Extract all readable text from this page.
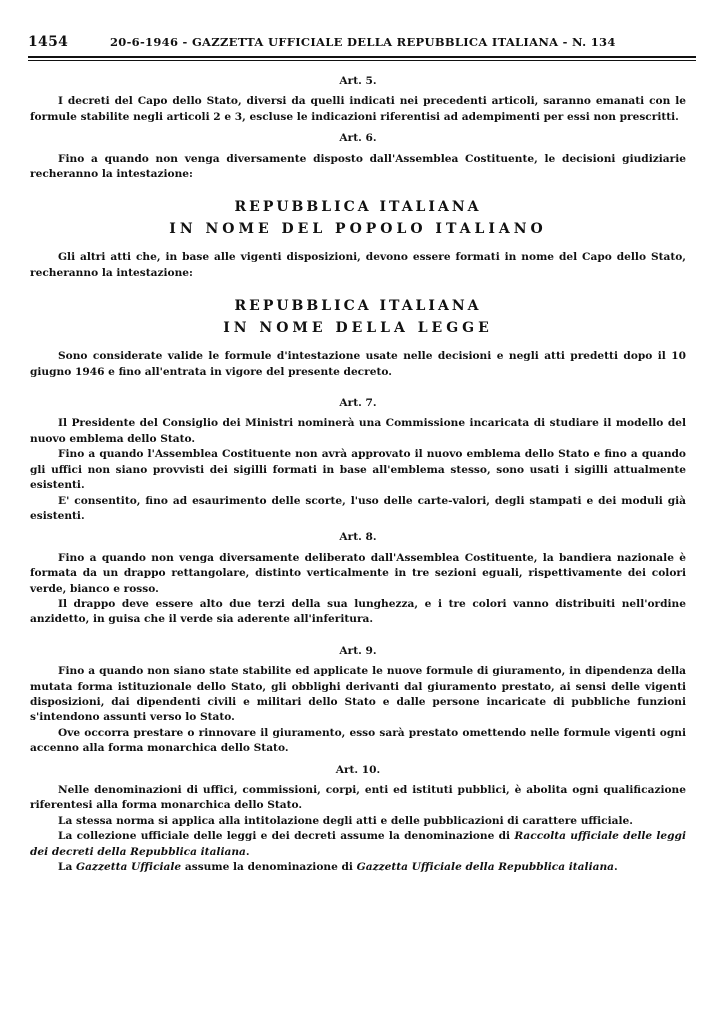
1454	20-6-1946 - GAZZETTA UFFICIALE DELLA REPUBBLICA ITALIANA - N. 134
Art. 5.

I decreti del Capo dello Stato, diversi da quelli indicati nei precedenti articoli, saranno emanati con le formule stabilite negli articoli 2 e 3, escluse le indicazioni riferentisi ad adempimenti per essi non prescritti.

Art. 6.

Fino a quando non venga diversamente disposto dall'Assemblea Costituente, le decisioni giudiziarie recheranno la intestazione:

REPUBBLICA ITALIANA
IN NOME DEL POPOLO ITALIANO

Gli altri atti che, in base alle vigenti disposizioni, devono essere formati in nome del Capo dello Stato, recheranno la intestazione:

REPUBBLICA ITALIANA
IN NOME DELLA LEGGE

Sono considerate valide le formule d'intestazione usate nelle decisioni e negli atti predetti dopo il 10 giugno 1946 e fino all'entrata in vigore del presente decreto.

Art. 7.

Il Presidente del Consiglio dei Ministri nominerà una Commissione incaricata di studiare il modello del nuovo emblema dello Stato.

Fino a quando l'Assemblea Costituente non avrà approvato il nuovo emblema dello Stato e fino a quando gli uffici non siano provvisti dei sigilli formati in base all'emblema stesso, sono usati i sigilli attualmente esistenti.

E' consentito, fino ad esaurimento delle scorte, l'uso delle carte-valori, degli stampati e dei moduli già esistenti.

Art. 8.

Fino a quando non venga diversamente deliberato dall'Assemblea Costituente, la bandiera nazionale è formata da un drappo rettangolare, distinto verticalmente in tre sezioni eguali, rispettivamente dei colori verde, bianco e rosso.

Il drappo deve essere alto due terzi della sua lunghezza, e i tre colori vanno distribuiti nell'ordine anzidetto, in guisa che il verde sia aderente all'inferitura.

Art. 9.

Fino a quando non siano state stabilite ed applicate le nuove formule di giuramento, in dipendenza della mutata forma istituzionale dello Stato, gli obblighi derivanti dal giuramento prestato, ai sensi delle vigenti disposizioni, dai dipendenti civili e militari dello Stato e dalle persone incaricate di pubbliche funzioni s'intendono assunti verso lo Stato.

Ove occorra prestare o rinnovare il giuramento, esso sarà prestato omettendo nelle formule vigenti ogni accenno alla forma monarchica dello Stato.

Art. 10.

Nelle denominazioni di uffici, commissioni, corpi, enti ed istituti pubblici, è abolita ogni qualificazione riferentesi alla forma monarchica dello Stato.

La stessa norma si applica alla intitolazione degli atti e delle pubblicazioni di carattere ufficiale.

La collezione ufficiale delle leggi e dei decreti assume la denominazione di Raccolta ufficiale delle leggi dei decreti della Repubblica italiana.

La Gazzetta Ufficiale assume la denominazione di Gazzetta Ufficiale della Repubblica italiana.
